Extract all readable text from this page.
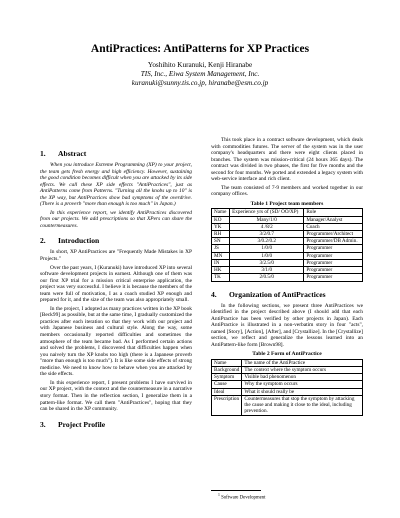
AntiPractices: AntiPatterns for XP Practices
Yoshihito Kuranuki, Kenji Hiranabe
TIS, Inc., Eiwa System Management, Inc.
kuranuki@sunny.tis.co.jp, hiranabe@esm.co.jp
1. Abstract

When you introduce Extreme Programming (XP) to your project, the team gets fresh energy and high efficiency. However, sustaining the good condition becomes difficult when you are attacked by its side effects. We call these XP side effects "AntiPractices", just as AntiPatterns come from Patterns. "Turning all the knobs up to 10" is the XP way, but AntiPractices show bad symptoms of the overdrive. (There is a proverb "more than enough is too much" in Japan.)

In this experience report, we identify AntiPractices discovered from our projects. We add prescriptions so that XPers can share the countermeasures.

2. Introduction

In short, XP AntiPractices are "Frequently Made Mistakes in XP Projects."

Over the past years, I (Kuranuki) have introduced XP into several software development projects in earnest. Although one of them was our first XP trial for a mission critical enterprise application, the project was very successful. I believe it is because the members of the team were full of motivation, I as a coach studied XP enough and prepared for it, and the size of the team was also appropriately small.

In the project, I adopted as many practices written in the XP book [Beck99] as possible, but at the same time, I gradually customized the practices after each iteration so that they work with our project and with Japanese business and cultural style. Along the way, some members occasionally reported difficulties and sometimes the atmosphere of the team became bad. As I performed certain actions and solved the problems, I discovered that difficulties happen when you naively turn the XP knobs too high (there is a Japanese proverb "more than enough is too much"). It is like some side effects of strong medicine. We need to know how to behave when you are attacked by the side effects.

In this experience report, I present problems I have survived in our XP project, with the context and the countermeasure in a narrative story format. Then in the reflection section, I generalize them in a pattern-like format. We call them "AntiPractices", hoping that they can be shared in the XP community.

3. Project Profile

This took place in a contract software development, which deals with commodities futures. The server of the system was in the user company's headquarters and there were eight clients placed in branches. The system was mission-critical (24 hours 365 days). The contract was divided in two phases, the first for five months and the second for four months. We ported and extended a legacy system with web-service interface and rich client.

The team consisted of 7-9 members and worked together in our company offices.

Table 1 Project team members
Name	Experience yrs of (SD/ OO/XP)	Role
KO	Many/1/0	Manager/Analyst
YK	4 /8/2	Coach
RH	3/2/0.7	Programmer/Architect
SN	3/0.2/0.2	Programmer/DB Admin.
JS	1/0/0	Programmer
MN	1/0/0	Programmer
IN	3/2.5/0	Programmer
HK	3/1/0	Programmer
TK	2/0.5/0	Programmer
4. Organization of AntiPractices

In the following sections, we present three AntiPractices we identified in the project described above (I should add that each AntiPractice has been verified by other projects in Japan). Each AntiPractice is illustrated in a non-verbatim story in four "acts", named [Story], [Action], [After], and [Crystallize]. In the [Crystallize] section, we reflect and generalize the lessons learned into an AntiPattern-like form [Brown98].

Table 2 Form of AntiPractice
Name	The name of the AntiPractice
Background	The context where the symptom occurs
Symptom	Visible bad phenomenon
Cause	Why the symptom occurs
Ideal	What it should really be
Prescription	Countermeasures that stop the symptom by attacking the cause and making it close to the ideal, including prevention.
$^1$ Software Development
